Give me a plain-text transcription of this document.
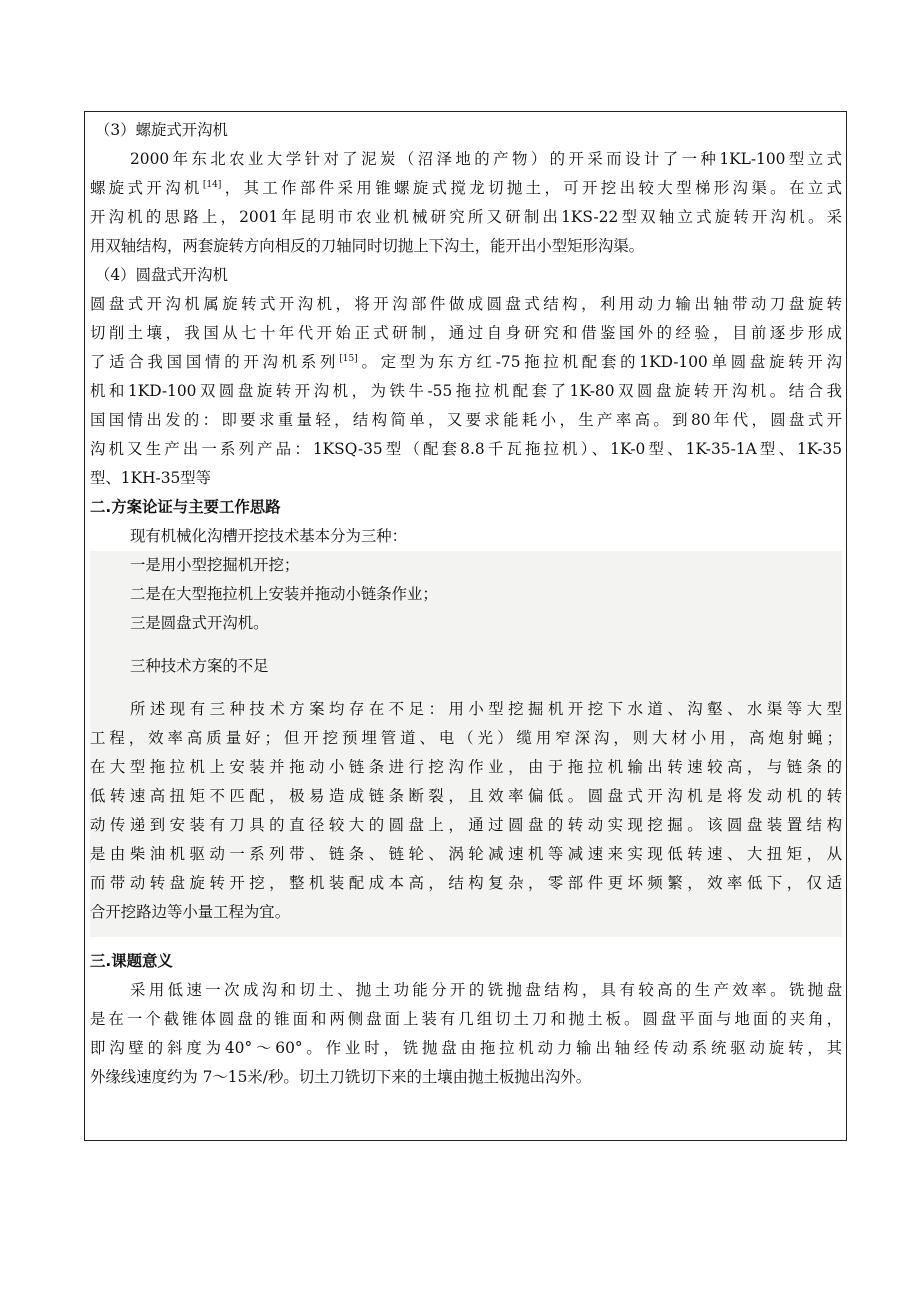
（3）螺旋式开沟机
2000年东北农业大学针对了泥炭（沼泽地的产物）的开采而设计了一种1KL-100型立式
螺旋式开沟机[14]，其工作部件采用锥螺旋式搅龙切抛土，可开挖出较大型梯形沟渠。在立式
开沟机的思路上，2001年昆明市农业机械研究所又研制出1KS-22型双轴立式旋转开沟机。采
用双轴结构，两套旋转方向相反的刀轴同时切抛上下沟土，能开出小型矩形沟渠。
（4）圆盘式开沟机
圆盘式开沟机属旋转式开沟机，将开沟部件做成圆盘式结构，利用动力输出轴带动刀盘旋转
切削土壤，我国从七十年代开始正式研制，通过自身研究和借鉴国外的经验，目前逐步形成
了适合我国国情的开沟机系列[15]。定型为东方红-75拖拉机配套的1KD-100单圆盘旋转开沟
机和1KD-100双圆盘旋转开沟机，为铁牛-55拖拉机配套了1K-80双圆盘旋转开沟机。结合我
国国情出发的：即要求重量轻，结构简单，又要求能耗小，生产率高。到80年代，圆盘式开
沟机又生产出一系列产品：1KSQ-35型（配套8.8千瓦拖拉机）、1K-0型、1K-35-1A型、1K-35
型、1KH-35型等
二.方案论证与主要工作思路
现有机械化沟槽开挖技术基本分为三种：
一是用小型挖掘机开挖；
二是在大型拖拉机上安装并拖动小链条作业；
三是圆盘式开沟机。
三种技术方案的不足
所述现有三种技术方案均存在不足：用小型挖掘机开挖下水道、沟壑、水渠等大型
工程，效率高质量好；但开挖预埋管道、电（光）缆用窄深沟，则大材小用，高炮射蝇；
在大型拖拉机上安装并拖动小链条进行挖沟作业，由于拖拉机输出转速较高，与链条的
低转速高扭矩不匹配，极易造成链条断裂，且效率偏低。圆盘式开沟机是将发动机的转
动传递到安装有刀具的直径较大的圆盘上，通过圆盘的转动实现挖掘。该圆盘装置结构
是由柴油机驱动一系列带、链条、链轮、涡轮减速机等减速来实现低转速、大扭矩，从
而带动转盘旋转开挖，整机装配成本高，结构复杂，零部件更坏频繁，效率低下，仅适
合开挖路边等小量工程为宜。
三.课题意义
采用低速一次成沟和切土、抛土功能分开的铣抛盘结构，具有较高的生产效率。铣抛盘
是在一个截锥体圆盘的锥面和两侧盘面上装有几组切土刀和抛土板。圆盘平面与地面的夹角，
即沟壁的斜度为40°～60°。作业时，铣抛盘由拖拉机动力输出轴经传动系统驱动旋转，其
外缘线速度约为 7～15米/秒。切土刀铣切下来的土壤由抛土板抛出沟外。
